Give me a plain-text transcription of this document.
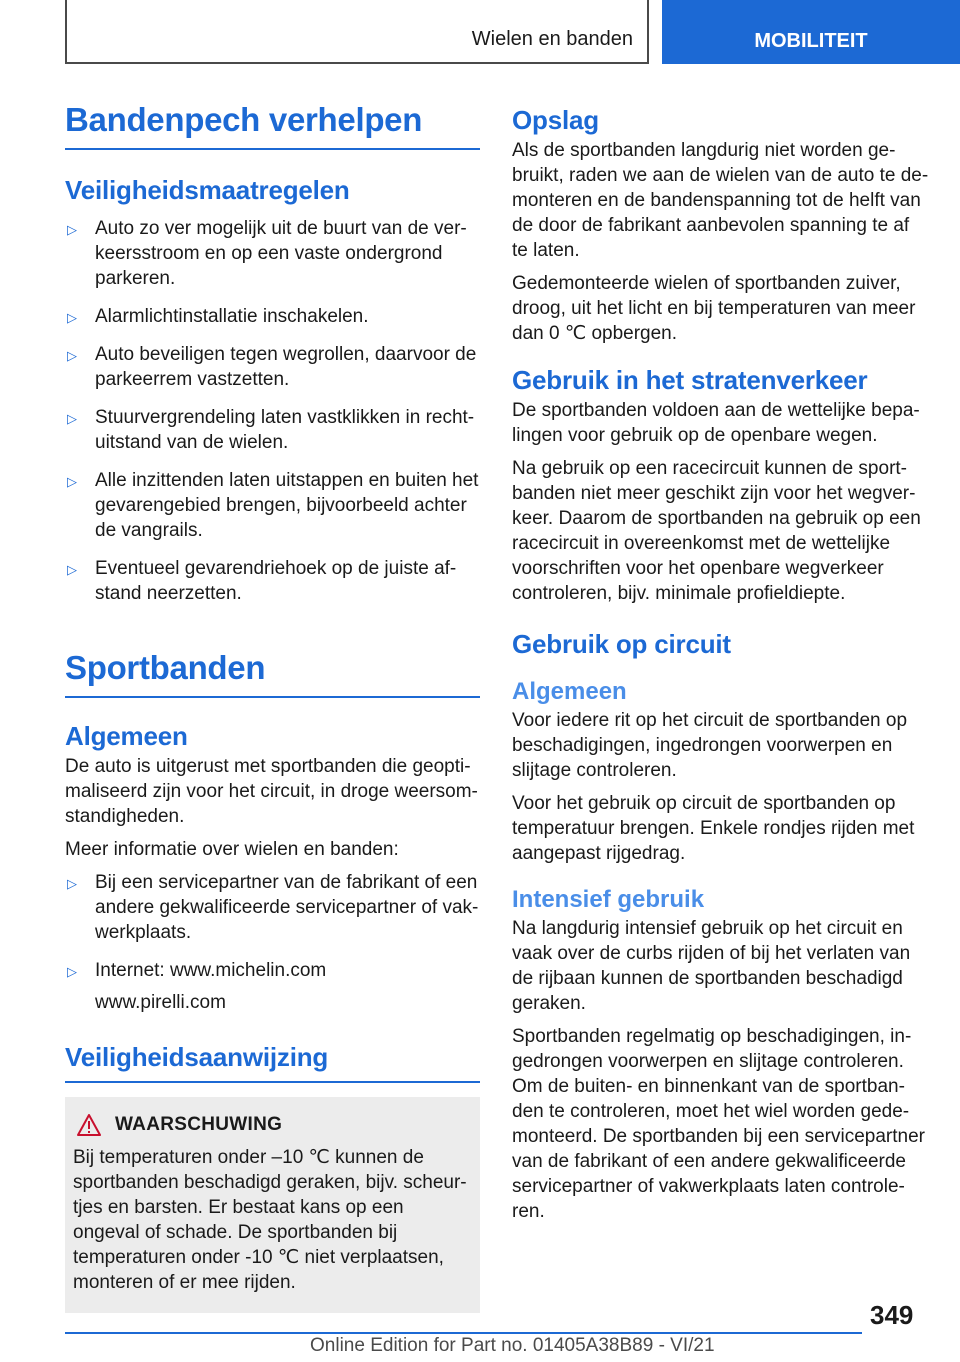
Wielen en banden	MOBILITEIT
Bandenpech verhelpen
Veiligheidsmaatregelen
▷ Auto zo ver mogelijk uit de buurt van de ver-keersstroom en op een vaste ondergrond parkeren.
▷ Alarmlichtinstallatie inschakelen.
▷ Auto beveiligen tegen wegrollen, daarvoor de parkeerrem vastzetten.
▷ Stuurvergrendeling laten vastklikken in recht-uitstand van de wielen.
▷ Alle inzittenden laten uitstappen en buiten het gevarengebied brengen, bijvoorbeeld achter de vangrails.
▷ Eventueel gevarendriehoek op de juiste af-stand neerzetten.
Sportbanden
Algemeen

De auto is uitgerust met sportbanden die geopti-maliseerd zijn voor het circuit, in droge weersom-standigheden.

Meer informatie over wielen en banden:

▷ Bij een servicepartner van de fabrikant of een andere gekwalificeerde servicepartner of vak-werkplaats.
▷ Internet: www.michelin.com

www.pirelli.com

Veiligheidsaanwijzing
WAARSCHUWING

Bij temperaturen onder –10 ℃ kunnen de sportbanden beschadigd geraken, bijv. scheur-tjes en barsten. Er bestaat kans op een ongeval of schade. De sportbanden bij temperaturen onder -10 ℃ niet verplaatsen, monteren of er mee rijden.

Opslag

Als de sportbanden langdurig niet worden ge-bruikt, raden we aan de wielen van de auto te de-monteren en de bandenspanning tot de helft van de door de fabrikant aanbevolen spanning te af te laten.

Gedemonteerde wielen of sportbanden zuiver, droog, uit het licht en bij temperaturen van meer dan 0 ℃ opbergen.

Gebruik in het stratenverkeer

De sportbanden voldoen aan de wettelijke bepa-lingen voor gebruik op de openbare wegen.

Na gebruik op een racecircuit kunnen de sport-banden niet meer geschikt zijn voor het wegver-keer. Daarom de sportbanden na gebruik op een racecircuit in overeenkomst met de wettelijke voorschriften voor het openbare wegverkeer controleren, bijv. minimale profieldiepte.

Gebruik op circuit
Algemeen

Voor iedere rit op het circuit de sportbanden op beschadigingen, ingedrongen voorwerpen en slijtage controleren.

Voor het gebruik op circuit de sportbanden op temperatuur brengen. Enkele rondjes rijden met aangepast rijgedrag.

Intensief gebruik

Na langdurig intensief gebruik op het circuit en vaak over de curbs rijden of bij het verlaten van de rijbaan kunnen de sportbanden beschadigd geraken.

Sportbanden regelmatig op beschadigingen, in-gedrongen voorwerpen en slijtage controleren. Om de buiten- en binnenkant van de sportban-den te controleren, moet het wiel worden gede-monteerd. De sportbanden bij een servicepartner van de fabrikant of een andere gekwalificeerde servicepartner of vakwerkplaats laten controle-ren.

349
Online Edition for Part no. 01405A38B89 - VI/21
